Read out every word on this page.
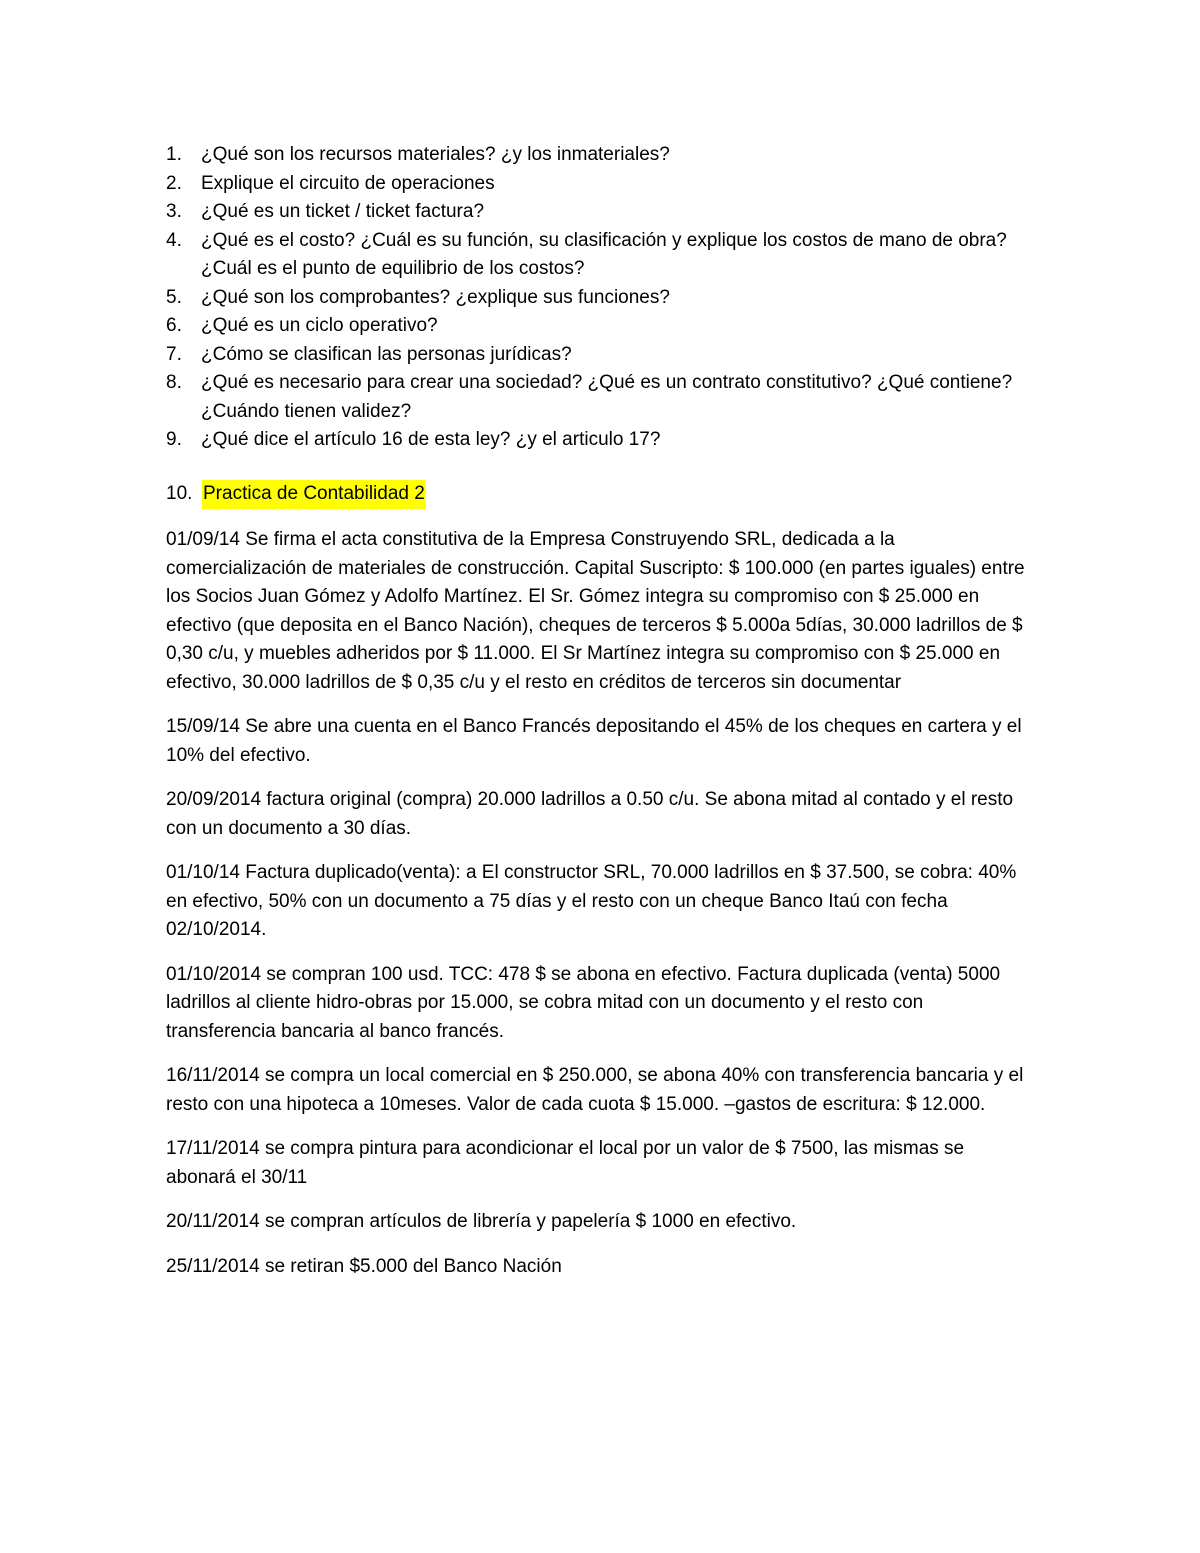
1.	¿Qué son los recursos materiales? ¿y los inmateriales?
2.	Explique el circuito de operaciones
3.	¿Qué es un ticket / ticket factura?
4.	¿Qué es el costo? ¿Cuál es su función, su clasificación y explique los costos de mano de obra? ¿Cuál es el punto de equilibrio de los costos?
5.	¿Qué son los comprobantes? ¿explique sus funciones?
6.	¿Qué es un ciclo operativo?
7.	¿Cómo se clasifican las personas jurídicas?
8.	¿Qué es necesario para crear una sociedad? ¿Qué es un contrato constitutivo? ¿Qué contiene? ¿Cuándo tienen validez?
9.	¿Qué dice el artículo 16 de esta ley? ¿y el articulo 17?
10. Practica de Contabilidad 2

01/09/14 Se firma el acta constitutiva de la Empresa Construyendo SRL, dedicada a la comercialización de materiales de construcción. Capital Suscripto: $ 100.000 (en partes iguales) entre los Socios Juan Gómez y Adolfo Martínez. El Sr. Gómez integra su compromiso con $ 25.000 en efectivo (que deposita en el Banco Nación), cheques de terceros $ 5.000a 5días, 30.000 ladrillos de $ 0,30 c/u, y muebles adheridos por $ 11.000. El Sr Martínez integra su compromiso con $ 25.000 en efectivo, 30.000 ladrillos de $ 0,35 c/u y el resto en créditos de terceros sin documentar

15/09/14 Se abre una cuenta en el Banco Francés depositando el 45% de los cheques en cartera y el 10% del efectivo.

20/09/2014 factura original (compra) 20.000 ladrillos a 0.50 c/u. Se abona mitad al contado y el resto con un documento a 30 días.

01/10/14 Factura duplicado(venta): a El constructor SRL, 70.000 ladrillos en $ 37.500, se cobra: 40% en efectivo, 50% con un documento a 75 días y el resto con un cheque Banco Itaú con fecha 02/10/2014.

01/10/2014 se compran 100 usd. TCC: 478 $ se abona en efectivo. Factura duplicada (venta) 5000 ladrillos al cliente hidro-obras por 15.000, se cobra mitad con un documento y el resto con transferencia bancaria al banco francés.

16/11/2014 se compra un local comercial en $ 250.000, se abona 40% con transferencia bancaria y el resto con una hipoteca a 10meses. Valor de cada cuota $ 15.000. –gastos de escritura: $ 12.000.

17/11/2014 se compra pintura para acondicionar el local por un valor de $ 7500, las mismas se abonará el 30/11

20/11/2014 se compran artículos de librería y papelería $ 1000 en efectivo.

25/11/2014 se retiran $5.000 del Banco Nación
